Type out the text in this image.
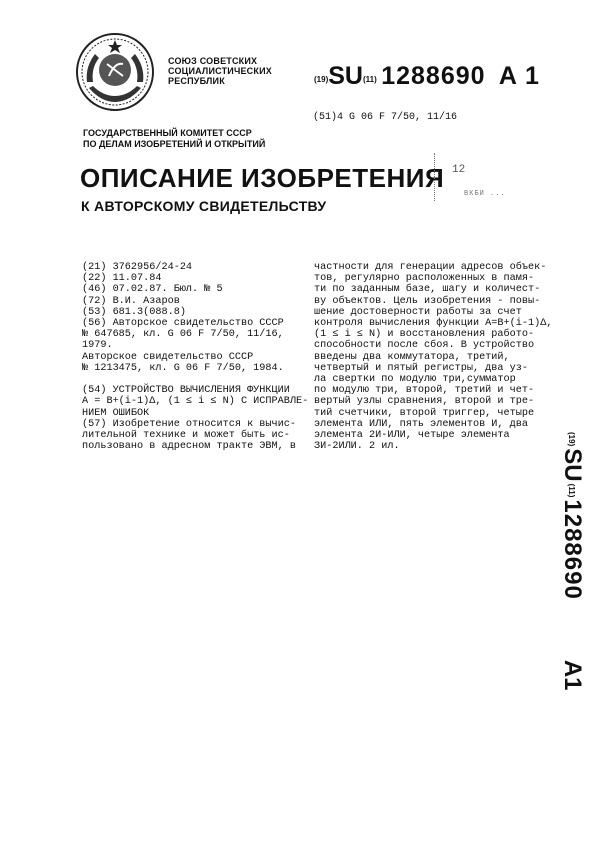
СОЮЗ СОВЕТСКИХ
СОЦИАЛИСТИЧЕСКИХ
РЕСПУБЛИК	(19)SU(11) 1288690 A 1
(51)4 G 06 F 7/50, 11/16
ГОСУДАРСТВЕННЫЙ КОМИТЕТ СССР
ПО ДЕЛАМ ИЗОБРЕТЕНИЙ И ОТКРЫТИЙ
ОПИСАНИЕ ИЗОБРЕТЕНИЯ
К АВТОРСКОМУ СВИДЕТЕЛЬСТВУ
12
ВКБИ ...
(21) 3762956/24-24
(22) 11.07.84
(46) 07.02.87. Бюл. № 5
(72) В.И. Азаров
(53) 681.3(088.8)
(56) Авторское свидетельство СССР
№ 647685, кл. G 06 F 7/50, 11/16,
1979.
Авторское свидетельство СССР
№ 1213475, кл. G 06 F 7/50, 1984.

(54) УСТРОЙСТВО ВЫЧИСЛЕНИЯ ФУНКЦИИ
A = B+(i-1)Δ, (1 ≤ i ≤ N) С ИСПРАВЛЕ-
НИЕМ ОШИБОК
(57) Изобретение относится к вычис-
лительной технике и может быть ис-
пользовано в адресном тракте ЭВМ, в
частности для генерации адресов объек-
тов, регулярно расположенных в памя-
ти по заданным базе, шагу и количест-
ву объектов. Цель изобретения - повы-
шение достоверности работы за счет
контроля вычисления функции A=B+(i-1)Δ,
(1 ≤ i ≤ N) и восстановления работо-
способности после сбоя. В устройство
введены два коммутатора, третий,
четвертый и пятый регистры, два уз-
ла свертки по модулю три,сумматор
по модулю три, второй, третий и чет-
вертый узлы сравнения, второй и тре-
тий счетчики, второй триггер, четыре
элемента ИЛИ, пять элементов И, два
элемента 2И-ИЛИ, четыре элемента
ЗИ-2ИЛИ. 2 ил.
(19)
SU
(11)
1288690
A1
